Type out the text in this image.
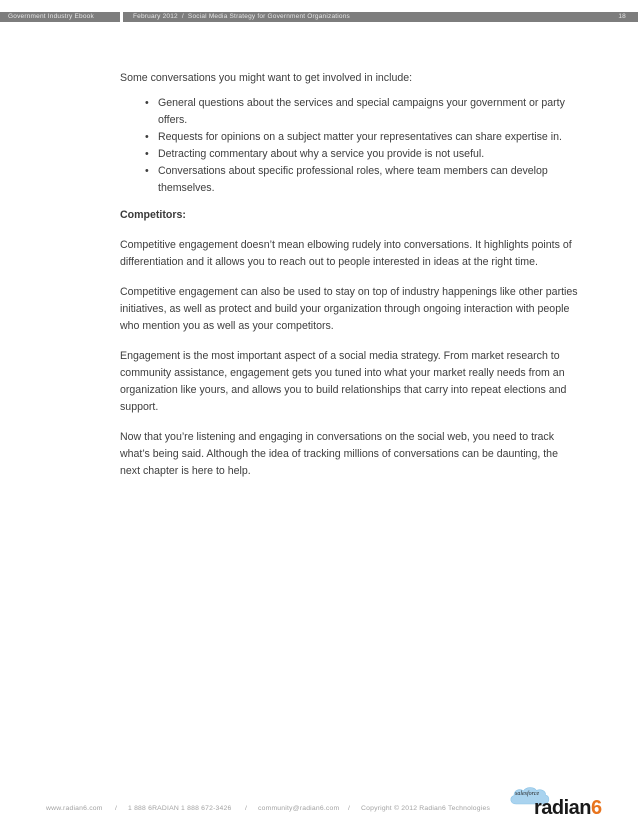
Government Industry Ebook	February 2012 / Social Media Strategy for Government Organizations	18

Some conversations you might want to get involved in include:

• General questions about the services and special campaigns your government or party offers.
• Requests for opinions on a subject matter your representatives can share expertise in.
• Detracting commentary about why a service you provide is not useful.
• Conversations about specific professional roles, where team members can develop themselves.

Competitors:

Competitive engagement doesn’t mean elbowing rudely into conversations. It highlights points of differentiation and it allows you to reach out to people interested in ideas at the right time.

Competitive engagement can also be used to stay on top of industry happenings like other parties initiatives, as well as protect and build your organization through ongoing interaction with people who mention you as well as your competitors.

Engagement is the most important aspect of a social media strategy. From market research to community assistance, engagement gets you tuned into what your market really needs from an organization like yours, and allows you to build relationships that carry into repeat elections and support.

Now that you’re listening and engaging in conversations on the social web, you need to track what’s being said. Although the idea of tracking millions of conversations can be daunting, the next chapter is here to help.

www.radian6.com / 1 888 6RADIAN 1 888 672-3426 / community@radian6.com / Copyright © 2012 Radian6 Technologies
salesforce
radian6
